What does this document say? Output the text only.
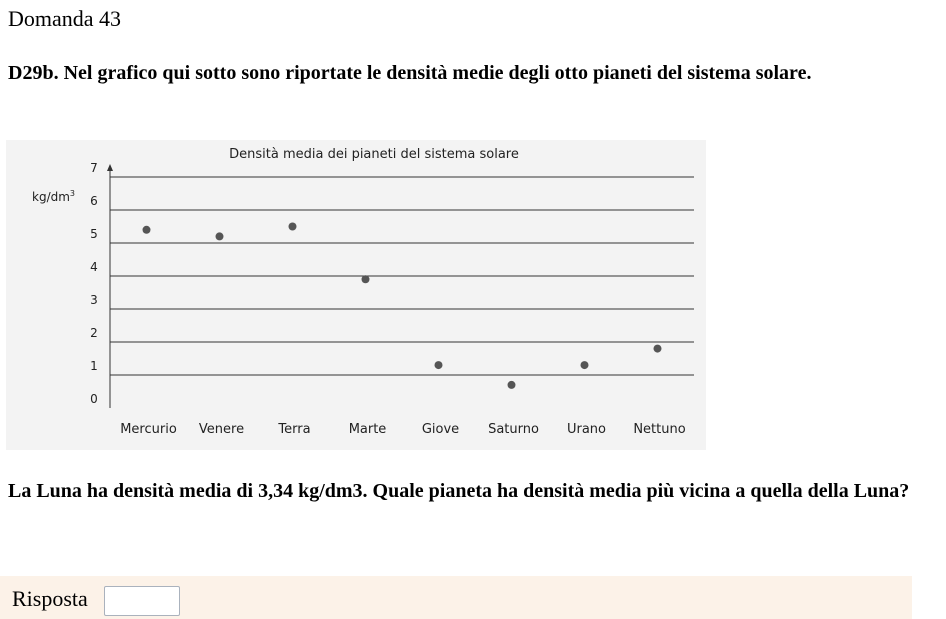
Domanda 43
D29b. Nel grafico qui sotto sono riportate le densità medie degli otto pianeti del sistema solare.
Densità media dei pianeti del sistema solare
$kg/dm^3$
0
1
2
3
4
5
6
7
Mercurio Venere	Terra	Marte	Giove Saturno Urano Nettuno
La Luna ha densità media di 3,34 kg/dm3. Quale pianeta ha densità media più vicina a quella della Luna?
Risposta
